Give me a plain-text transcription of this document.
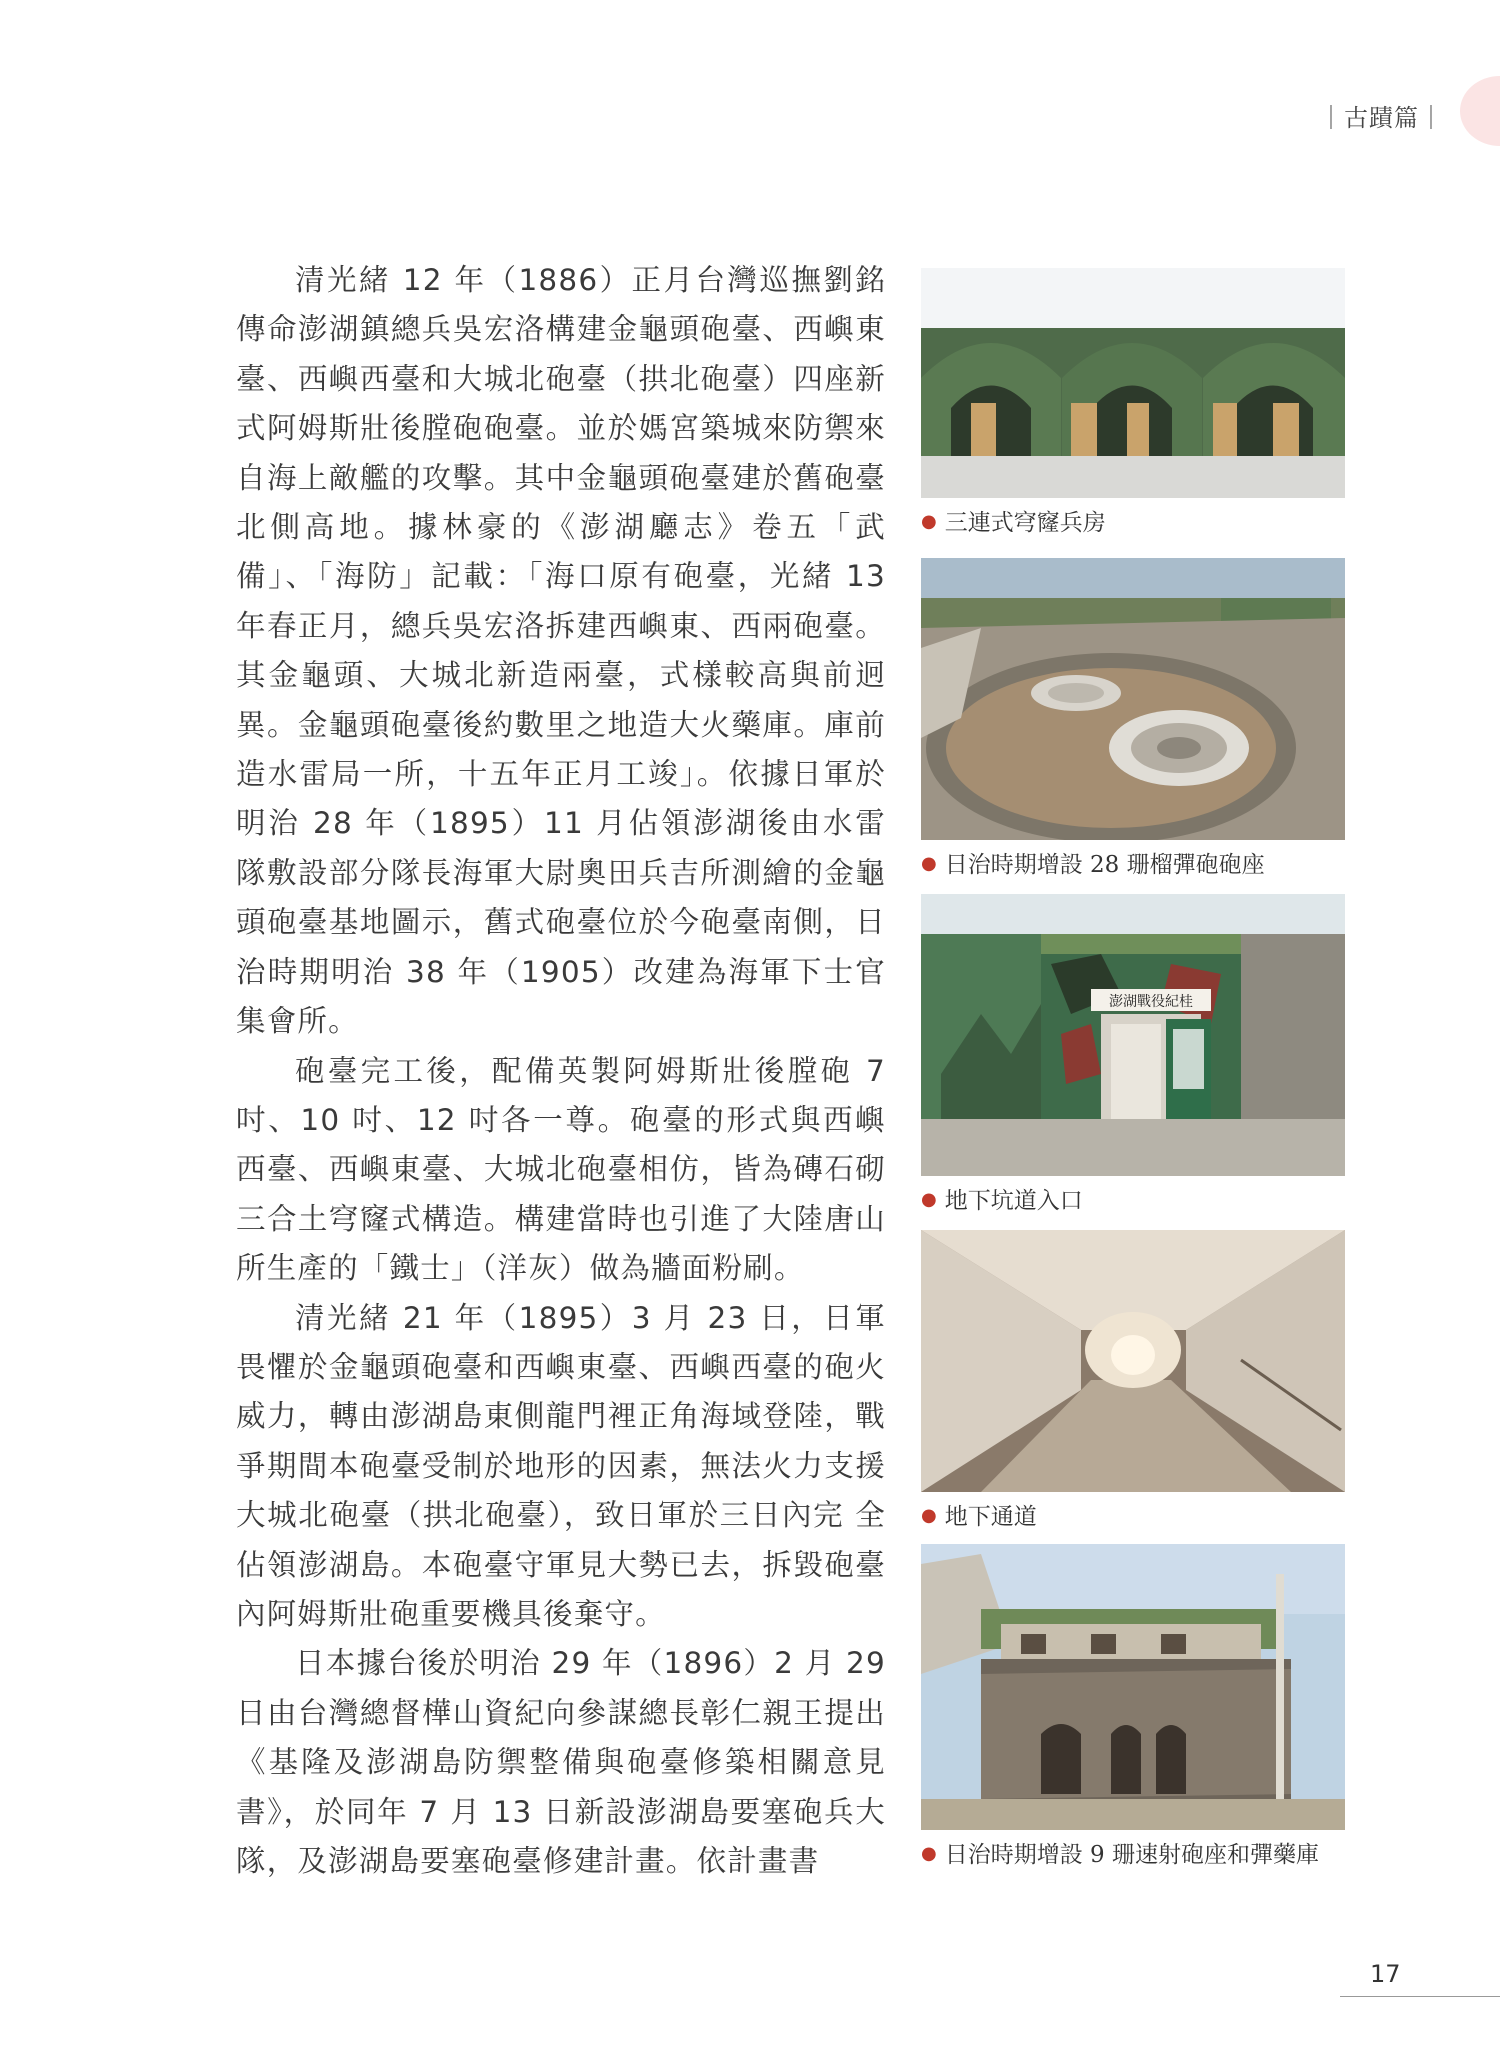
｜古蹟篇｜

清光緒 12 年（1886）正月台灣巡撫劉銘傳命澎湖鎮總兵吳宏洛構建金龜頭砲臺、西嶼東臺、西嶼西臺和大城北砲臺（拱北砲臺）四座新式阿姆斯壯後膛砲砲臺。並於媽宮築城來防禦來自海上敵艦的攻擊。其中金龜頭砲臺建於舊砲臺北側高地。據林豪的《澎湖廳志》卷五「武備」、「海防」記載：「海口原有砲臺，光緒 13 年春正月，總兵吳宏洛拆建西嶼東、西兩砲臺。其金龜頭、大城北新造兩臺，式樣較高與前迥異。金龜頭砲臺後約數里之地造大火藥庫。庫前造水雷局一所，十五年正月工竣」。依據日軍於明治 28 年（1895）11 月佔領澎湖後由水雷隊敷設部分隊長海軍大尉奧田兵吉所測繪的金龜頭砲臺基地圖示，舊式砲臺位於今砲臺南側，日治時期明治 38 年（1905）改建為海軍下士官集會所。

砲臺完工後，配備英製阿姆斯壯後膛砲 7 吋、10 吋、12 吋各一尊。砲臺的形式與西嶼西臺、西嶼東臺、大城北砲臺相仿，皆為磚石砌三合土穹窿式構造。構建當時也引進了大陸唐山所生產的「鐵士」（洋灰）做為牆面粉刷。

清光緒 21 年（1895）3 月 23 日，日軍畏懼於金龜頭砲臺和西嶼東臺、西嶼西臺的砲火威力，轉由澎湖島東側龍門裡正角海域登陸，戰爭期間本砲臺受制於地形的因素，無法火力支援大城北砲臺（拱北砲臺），致日軍於三日內完 全佔領澎湖島。本砲臺守軍見大勢已去，拆毀砲臺內阿姆斯壯砲重要機具後棄守。

日本據台後於明治 29 年（1896）2 月 29 日由台灣總督樺山資紀向參謀總長彰仁親王提出《基隆及澎湖島防禦整備與砲臺修築相關意見書》，於同年 7 月 13 日新設澎湖島要塞砲兵大隊，及澎湖島要塞砲臺修建計畫。依計畫書

● 三連式穹窿兵房
● 日治時期增設 28 珊榴彈砲砲座
澎湖戰役紀桂
● 地下坑道入口
● 地下通道
● 日治時期增設 9 珊速射砲座和彈藥庫
17
